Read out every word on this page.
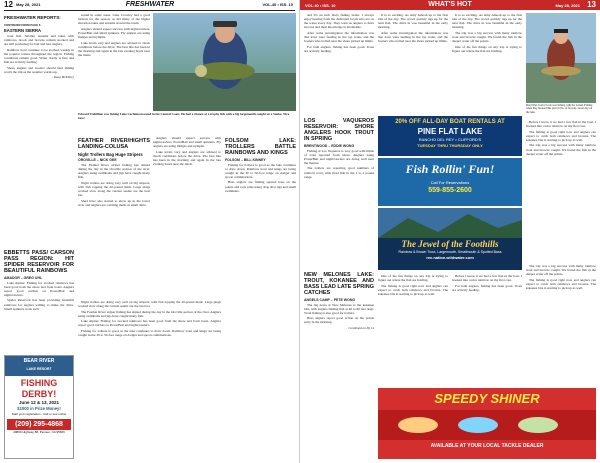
12 May 28, 2021	FRESHWATER	VOL.40 • ISS. 10
FRESHWATER REPORTS:
CONTINUED FROM PAGE 6
EASTERN SIERRA

trout fish. Smaller streams and lakes with rainbows, brook and browns remain stocked and are still producing for bait and lure anglers.

Rainbow trout continue to be stocked weekly in the popular waters throughout the region. Fishing conditions remain good. Water clarity is fine and fish are actively feeding.

Shore anglers and boaters should find fishing worth the trip as the weather warms up.

– Doug McKinley

sound in some areas. Lake Crowley had a good turnout for the season, as did many of the higher elevation lakes and streams around the basin.

Anglers should expect success with nightcrawlers, PowerBait and small spinners. Fly anglers are using midges and nymphs.

Lake levels vary and anglers are advised to check conditions before the drive. The best bite has been in the morning and again in the late evening hours near the inlets.

Edward Trehillion was fishing Lake Cachuma located in the Central Coast. He had a chance at a trophy fish with a big largemouth caught on a Senko. Nice bass!
FEATHER RIVER/HIGHTS LANDING-COLUSA
Night Trollers Bag Huge Stripers
OROVILLE – NICK GEE

The Feather River striper fishing has shined during the day in the Oroville section of the river. Anglers using swimbaits and jigs have caught many fish.

Night trollers are doing very well on big stripers, with fish topping the 20-pound mark. Large plugs worked slow along the current seams are the best bet.

Shad have also started to show up in the lower river and anglers are catching them on small darts.

Anglers should expect success with nightcrawlers, PowerBait and small spinners. Fly anglers are using midges and nymphs.

Lake levels vary and anglers are advised to check conditions before the drive. The best bite has been in the morning and again in the late evening hours near the inlets.

FOLSOM LAKE: TROLLERS BATTLE RAINBOWS AND KINGS
FOLSOM – BILL KINNEY

Fishing for trollers is good as the lake continues to draw down. Rainbow trout and kings are being caught in the 30 to 50-foot range on dodger and spoon combinations.

Bass anglers are finding spotted bass on the points and rock piles using drop shot rigs and small swimbaits.

EBBETTS PASS/ CARSON PASS REGION: HIT SPIDER RESERVOIR FOR BEAUTIFUL RAINBOWS
AMADOR – GREG UHL

Lake Alpine: Fishing for stocked rainbows has been good from the shore and from boats. Anglers report good catches on PowerBait and nightcrawlers.

Spider Reservoir has been providing beautiful rainbows for anglers willing to make the drive. Small spinners work well.

BEAR RIVER
LAKE RESORT
FISHING DERBY!
June 12 & 13, 2021
$1000 in Prize Money!
Start your registration - Call or see online
(209) 295-4868
40800 Highway 88, Pioneer, CA 95666

Night trollers are doing very well on big stripers, with fish topping the 20-pound mark. Large plugs worked slow along the current seams are the best bet.

The Feather River striper fishing has shined during the day in the Oroville section of the river. Anglers using swimbaits and jigs have caught many fish.

Lake Alpine: Fishing for stocked rainbows has been good from the shore and from boats. Anglers report good catches on PowerBait and nightcrawlers.

Fishing for trollers is good as the lake continues to draw down. Rainbow trout and kings are being caught in the 30 to 50-foot range on dodger and spoon combinations.

VOL.40 • ISS. 10	WHAT'S HOT	May 28, 2021 13

and it's an inch that's fishing better. I always enjoy hearing from the dedicated locals who are on the water every day. They want us anglers to have success and their knowledge is invaluable.

After some investigation the information was that trout were feeding in the top water, and the boaters who trolled near the shore picked up limits.

For both anglers, fishing has been good. Trout are actively feeding.

LOS VAQUEROS RESERVOIR: SHORE ANGLERS HOOK TROUT IN SPRING
BRENTWOOD – EDDIE WONG

Fishing at Los Vaqueros is very good with limits of trout reported from shore. Anglers using PowerBait and nightcrawlers are doing well near the marina.

The trollers are reporting good numbers of rainbow trout, with most fish in the 1 to 2 pound range.

NEW MELONES LAKE: TROUT, KOKANEE AND BASS LEAD LATE SPRING CATCHES
ANGELS CAMP – PETE WONG

The big news at New Melones is the kokanee bite, with anglers finding fish at 40 to 60 feet deep. Trout fishing is also good for trollers.

Bass anglers report good action on the points early in the morning.

Continued on Pg 14

It is so exciting. As Amy Amoah up to the first bite of the day. The crowd quickly rigs up for the next fish. The drive in was beautiful in the early morning.

After some investigation the information was that trout were feeding in the top water, and the boaters who trolled near the shore picked up limits.

It is so exciting. As Amy Amoah up to the first bite of the day. The crowd quickly rigs up for the next fish. The drive in was beautiful in the early morning.

The trip was a big success with many rainbow trout and browns caught. We found the fish in the deeper water off the points.

One of the fun things on any trip is trying to figure out where the fish are holding.

Brad Wier from Clovis was fishing with the Lenski Fishing when they hooked this great 6 lbs. of browns. Great day on the lake.

Before I know it we had a few fish in the boat. I hooked into a nice rainbow on my first cast.

The fishing is good right now and anglers can expect to catch both rainbows and browns. The kokanee bite is starting to pick up as well.

The trip was a big success with many rainbow trout and browns caught. We found the fish in the deeper water off the points.

20% OFF ALL-DAY BOAT RENTALS AT
PINE FLAT LAKE
RANCHO DEL REY • CLIFFORD'S
TUESDAY THRU THURSDAY ONLY
Fish Rollin' Fun!
Call For Reservations
559-855-2600
The Jewel of the Foothills
Rainbow & Brown Trout, Largemouth, Smallmouth & Spotted Bass
rec.nation.wildwater.com

One of the fun things on any trip is trying to figure out where the fish are holding.

The fishing is good right now and anglers can expect to catch both rainbows and browns. The kokanee bite is starting to pick up as well.

Before I know it we had a few fish in the boat. I hooked into a nice rainbow on my first cast.

For both anglers, fishing has been good. Trout are actively feeding.

The trip was a big success with many rainbow trout and browns caught. We found the fish in the deeper water off the points.

The fishing is good right now and anglers can expect to catch both rainbows and browns. The kokanee bite is starting to pick up as well.

SPEEDY SHINER
AVAILABLE AT YOUR LOCAL TACKLE DEALER
